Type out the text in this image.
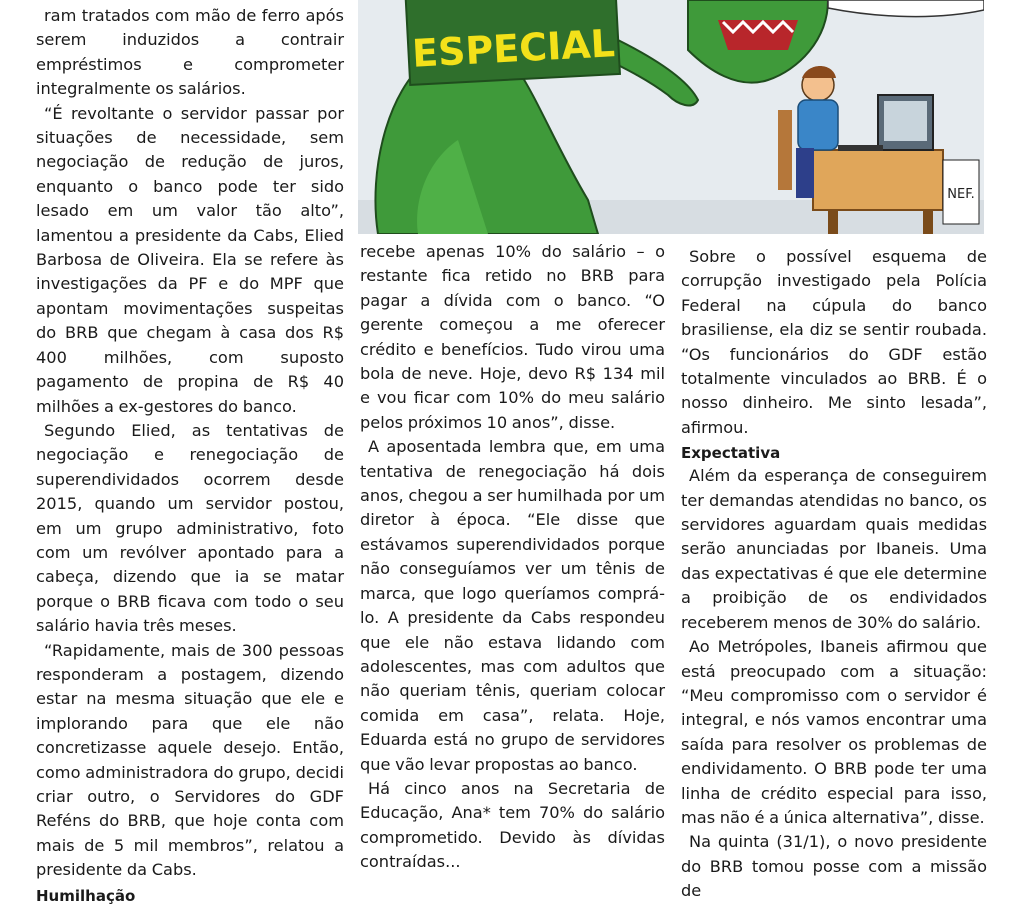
ram tratados com mão de ferro após serem induzidos a contrair empréstimos e comprometer integralmente os salários.

“É revoltante o servidor passar por situações de necessidade, sem negociação de redução de juros, enquanto o banco pode ter sido lesado em um valor tão alto”, lamentou a presidente da Cabs, Elied Barbosa de Oliveira. Ela se refere às investigações da PF e do MPF que apontam movimentações suspeitas do BRB que chegam à casa dos R$ 400 milhões, com suposto pagamento de propina de R$ 40 milhões a ex-gestores do banco.

Segundo Elied, as tentativas de negociação e renegociação de superendividados ocorrem desde 2015, quando um servidor postou, em um grupo administrativo, foto com um revólver apontado para a cabeça, dizendo que ia se matar porque o BRB ficava com todo o seu salário havia três meses.

“Rapidamente, mais de 300 pessoas responderam a postagem, dizendo estar na mesma situação que ele e implorando para que ele não concretizasse aquele desejo. Então, como administradora do grupo, decidi criar outro, o Servidores do GDF Reféns do BRB, que hoje conta com mais de 5 mil membros”, relatou a presidente da Cabs.

Humilhação
ESPECIAL
NEF.

recebe apenas 10% do salário – o restante fica retido no BRB para pagar a dívida com o banco. “O gerente começou a me oferecer crédito e benefícios. Tudo virou uma bola de neve. Hoje, devo R$ 134 mil e vou ficar com 10% do meu salário pelos próximos 10 anos”, disse.

A aposentada lembra que, em uma tentativa de renegociação há dois anos, chegou a ser humilhada por um diretor à época. “Ele disse que estávamos superendividados porque não conseguíamos ver um tênis de marca, que logo queríamos comprá-lo. A presidente da Cabs respondeu que ele não estava lidando com adolescentes, mas com adultos que não queriam tênis, queriam colocar comida em casa”, relata. Hoje, Eduarda está no grupo de servidores que vão levar propostas ao banco.

Há cinco anos na Secretaria de Educação, Ana* tem 70% do salário comprometido. Devido às dívidas contraídas...

Sobre o possível esquema de corrupção investigado pela Polícia Federal na cúpula do banco brasiliense, ela diz se sentir roubada. “Os funcionários do GDF estão totalmente vinculados ao BRB. É o nosso dinheiro. Me sinto lesada”, afirmou.

Expectativa

Além da esperança de conseguirem ter demandas atendidas no banco, os servidores aguardam quais medidas serão anunciadas por Ibaneis. Uma das expectativas é que ele determine a proibição de os endividados receberem menos de 30% do salário.

Ao Metrópoles, Ibaneis afirmou que está preocupado com a situação: “Meu compromisso com o servidor é integral, e nós vamos encontrar uma saída para resolver os problemas de endividamento. O BRB pode ter uma linha de crédito especial para isso, mas não é a única alternativa”, disse.

Na quinta (31/1), o novo presidente do BRB tomou posse com a missão de
